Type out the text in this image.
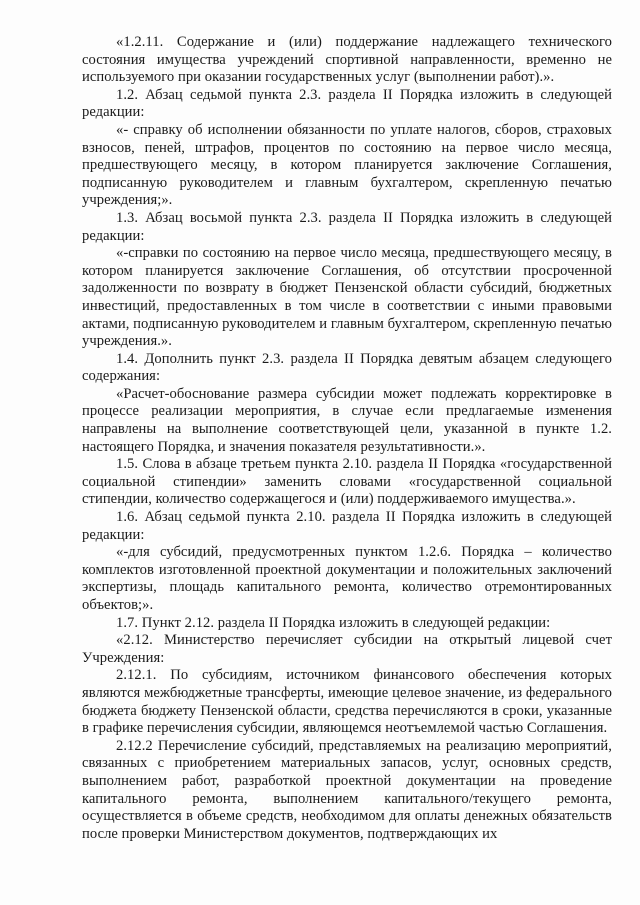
«1.2.11. Содержание и (или) поддержание надлежащего технического состояния имущества учреждений спортивной направленности, временно не используемого при оказании государственных услуг (выполнении работ).».

1.2. Абзац седьмой пункта 2.3. раздела II Порядка изложить в следующей редакции:

«- справку об исполнении обязанности по уплате налогов, сборов, страховых взносов, пеней, штрафов, процентов по состоянию на первое число месяца, предшествующего месяцу, в котором планируется заключение Соглашения, подписанную руководителем и главным бухгалтером, скрепленную печатью учреждения;».

1.3. Абзац восьмой пункта 2.3. раздела II Порядка изложить в следующей редакции:

«-справки по состоянию на первое число месяца, предшествующего месяцу, в котором планируется заключение Соглашения, об отсутствии просроченной задолженности по возврату в бюджет Пензенской области субсидий, бюджетных инвестиций, предоставленных в том числе в соответствии с иными правовыми актами, подписанную руководителем и главным бухгалтером, скрепленную печатью учреждения.».

1.4. Дополнить пункт 2.3. раздела II Порядка девятым абзацем следующего содержания:

«Расчет-обоснование размера субсидии может подлежать корректировке в процессе реализации мероприятия, в случае если предлагаемые изменения направлены на выполнение соответствующей цели, указанной в пункте 1.2. настоящего Порядка, и значения показателя результативности.».

1.5. Слова в абзаце третьем пункта 2.10. раздела II Порядка «государственной социальной стипендии» заменить словами «государственной социальной стипендии, количество содержащегося и (или) поддерживаемого имущества.».

1.6. Абзац седьмой пункта 2.10. раздела II Порядка изложить в следующей редакции:

«-для субсидий, предусмотренных пунктом 1.2.6. Порядка – количество комплектов изготовленной проектной документации и положительных заключений экспертизы, площадь капитального ремонта, количество отремонтированных объектов;».

1.7. Пункт 2.12. раздела II Порядка изложить в следующей редакции:

«2.12. Министерство перечисляет субсидии на открытый лицевой счет Учреждения:

2.12.1. По субсидиям, источником финансового обеспечения которых являются межбюджетные трансферты, имеющие целевое значение, из федерального бюджета бюджету Пензенской области, средства перечисляются в сроки, указанные в графике перечисления субсидии, являющемся неотъемлемой частью Соглашения.

2.12.2 Перечисление субсидий, представляемых на реализацию мероприятий, связанных с приобретением материальных запасов, услуг, основных средств, выполнением работ, разработкой проектной документации на проведение капитального ремонта, выполнением капитального/текущего ремонта, осуществляется в объеме средств, необходимом для оплаты денежных обязательств после проверки Министерством документов, подтверждающих их
